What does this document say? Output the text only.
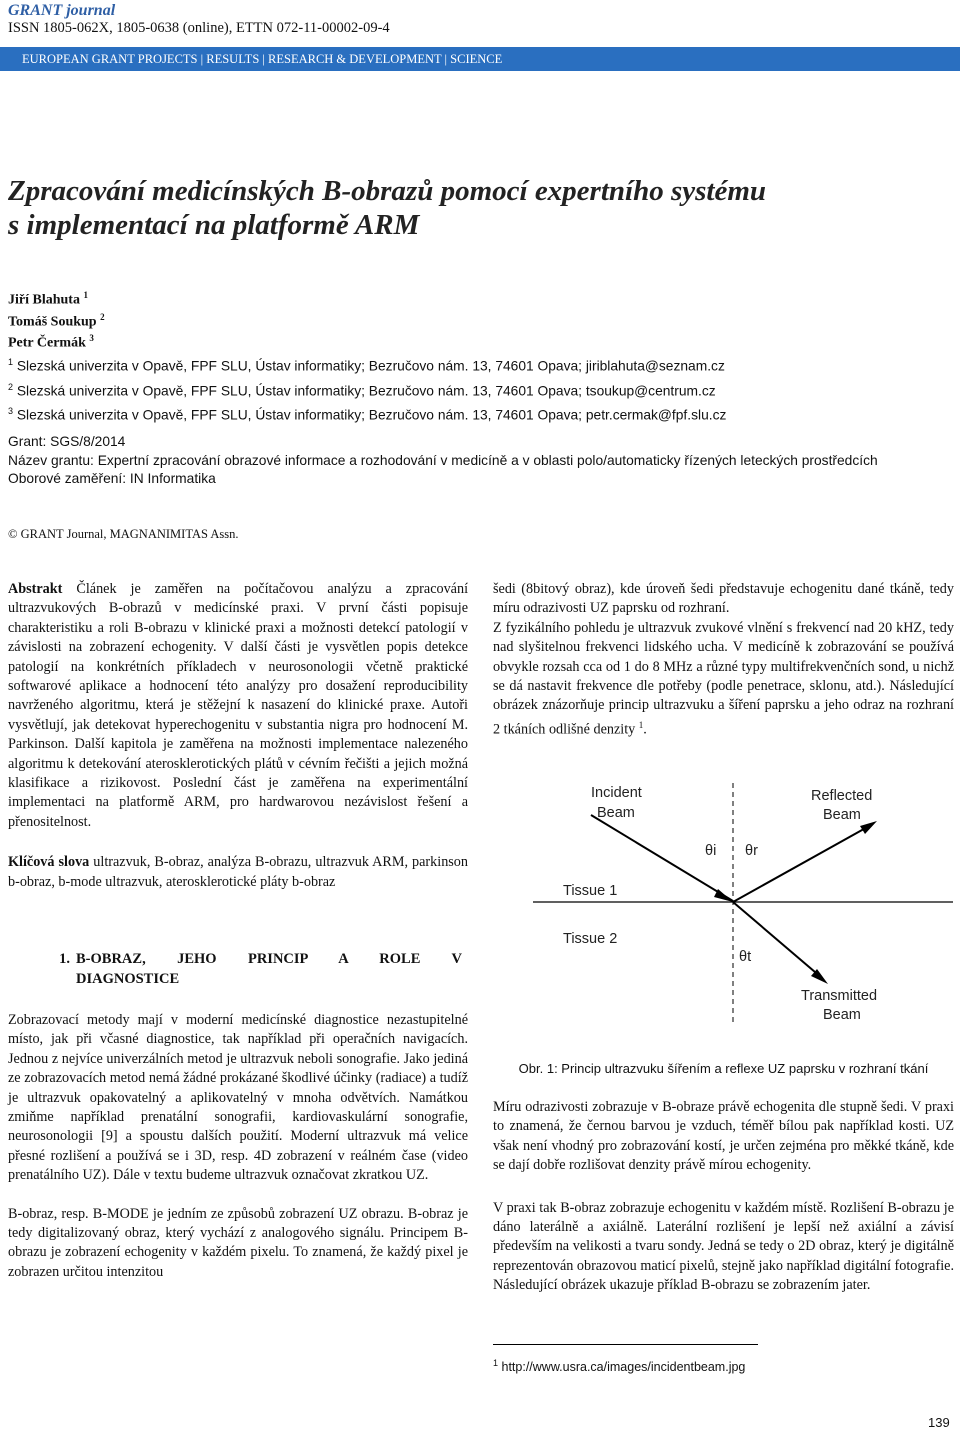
GRANT journal
ISSN 1805-062X, 1805-0638 (online), ETTN 072-11-00002-09-4
EUROPEAN GRANT PROJECTS | RESULTS | RESEARCH & DEVELOPMENT | SCIENCE
Zpracování medicínských B-obrazů pomocí expertního systému
s implementací na platformě ARM
Jiří Blahuta $^1$
Tomáš Soukup $^2$
Petr Čermák $^3$
$^1$ Slezská univerzita v Opavě, FPF SLU, Ústav informatiky; Bezručovo nám. 13, 74601 Opava; jiriblahuta@seznam.cz
$^2$ Slezská univerzita v Opavě, FPF SLU, Ústav informatiky; Bezručovo nám. 13, 74601 Opava; tsoukup@centrum.cz
$^3$ Slezská univerzita v Opavě, FPF SLU, Ústav informatiky; Bezručovo nám. 13, 74601 Opava; petr.cermak@fpf.slu.cz
Grant: SGS/8/2014
Název grantu: Expertní zpracování obrazové informace a rozhodování v medicíně a v oblasti polo/automaticky řízených leteckých prostředcích
Oborové zaměření: IN Informatika
© GRANT Journal, MAGNANIMITAS Assn.

Abstrakt Článek je zaměřen na počítačovou analýzu a zpracování ultrazvukových B-obrazů v medicínské praxi. V první části popisuje charakteristiku a roli B-obrazu v klinické praxi a možnosti detekcí patologií v závislosti na zobrazení echogenity. V další části je vysvětlen popis detekce patologií na konkrétních příkladech v neurosonologii včetně praktické softwarové aplikace a hodnocení této analýzy pro dosažení reproducibility navrženého algoritmu, která je stěžejní k nasazení do klinické praxe. Autoři vysvětlují, jak detekovat hyperechogenitu v substantia nigra pro hodnocení M. Parkinson. Další kapitola je zaměřena na možnosti implementace nalezeného algoritmu k detekování aterosklerotických plátů v cévním řečišti a jejich možná klasifikace a rizikovost. Poslední část je zaměřena na experimentální implementaci na platformě ARM, pro hardwarovou nezávislost řešení a přenositelnost.

Klíčová slova ultrazvuk, B-obraz, analýza B-obrazu, ultrazvuk ARM, parkinson b-obraz, b-mode ultrazvuk, aterosklerotické pláty b-obraz

1. B-OBRAZ, JEHO PRINCIP A ROLE V
DIAGNOSTICE

Zobrazovací metody mají v moderní medicínské diagnostice nezastupitelné místo, jak při včasné diagnostice, tak například při operačních navigacích. Jednou z nejvíce univerzálních metod je ultrazvuk neboli sonografie. Jako jediná ze zobrazovacích metod nemá žádné prokázané škodlivé účinky (radiace) a tudíž je ultrazvuk opakovatelný a aplikovatelný v mnoha odvětvích. Namátkou zmiňme například prenatální sonografii, kardiovaskulární sonografie, neurosonologii [9] a spoustu dalších použití. Moderní ultrazvuk má velice přesné rozlišení a používá se i 3D, resp. 4D zobrazení v reálném čase (video prenatálního UZ). Dále v textu budeme ultrazvuk označovat zkratkou UZ.

B-obraz, resp. B-MODE je jedním ze způsobů zobrazení UZ obrazu. B-obraz je tedy digitalizovaný obraz, který vychází z analogového signálu. Principem B-obrazu je zobrazení echogenity v každém pixelu. To znamená, že každý pixel je zobrazen určitou intenzitou

šedi (8bitový obraz), kde úroveň šedi představuje echogenitu dané tkáně, tedy míru odrazivosti UZ paprsku od rozhraní.

Z fyzikálního pohledu je ultrazvuk zvukové vlnění s frekvencí nad 20 kHZ, tedy nad slyšitelnou frekvenci lidského ucha. V medicíně k zobrazování se používá obvykle rozsah cca od 1 do 8 MHz a různé typy multifrekvenčních sond, u nichž se dá nastavit frekvence dle potřeby (podle penetrace, sklonu, atd.). Následující obrázek znázorňuje princip ultrazvuku a šíření paprsku a jeho odraz na rozhraní 2 tkáních odlišné denzity $^1$.

Incident
Beam
Reflected
Beam
Tissue 1
Tissue 2
θi θr
θt
Transmitted
Beam
Obr. 1: Princip ultrazvuku šířením a reflexe UZ paprsku v rozhraní tkání

Míru odrazivosti zobrazuje v B-obraze právě echogenita dle stupně šedi. V praxi to znamená, že černou barvou je vzduch, téměř bílou pak například kosti. UZ však není vhodný pro zobrazování kostí, je určen zejména pro měkké tkáně, kde se dají dobře rozlišovat denzity právě mírou echogenity.

V praxi tak B-obraz zobrazuje echogenitu v každém místě. Rozlišení B-obrazu je dáno laterálně a axiálně. Laterální rozlišení je lepší než axiální a závisí především na velikosti a tvaru sondy. Jedná se tedy o 2D obraz, který je digitálně reprezentován obrazovou maticí pixelů, stejně jako například digitální fotografie. Následující obrázek ukazuje příklad B-obrazu se zobrazením jater.

$^1$ http://www.usra.ca/images/incidentbeam.jpg
139
